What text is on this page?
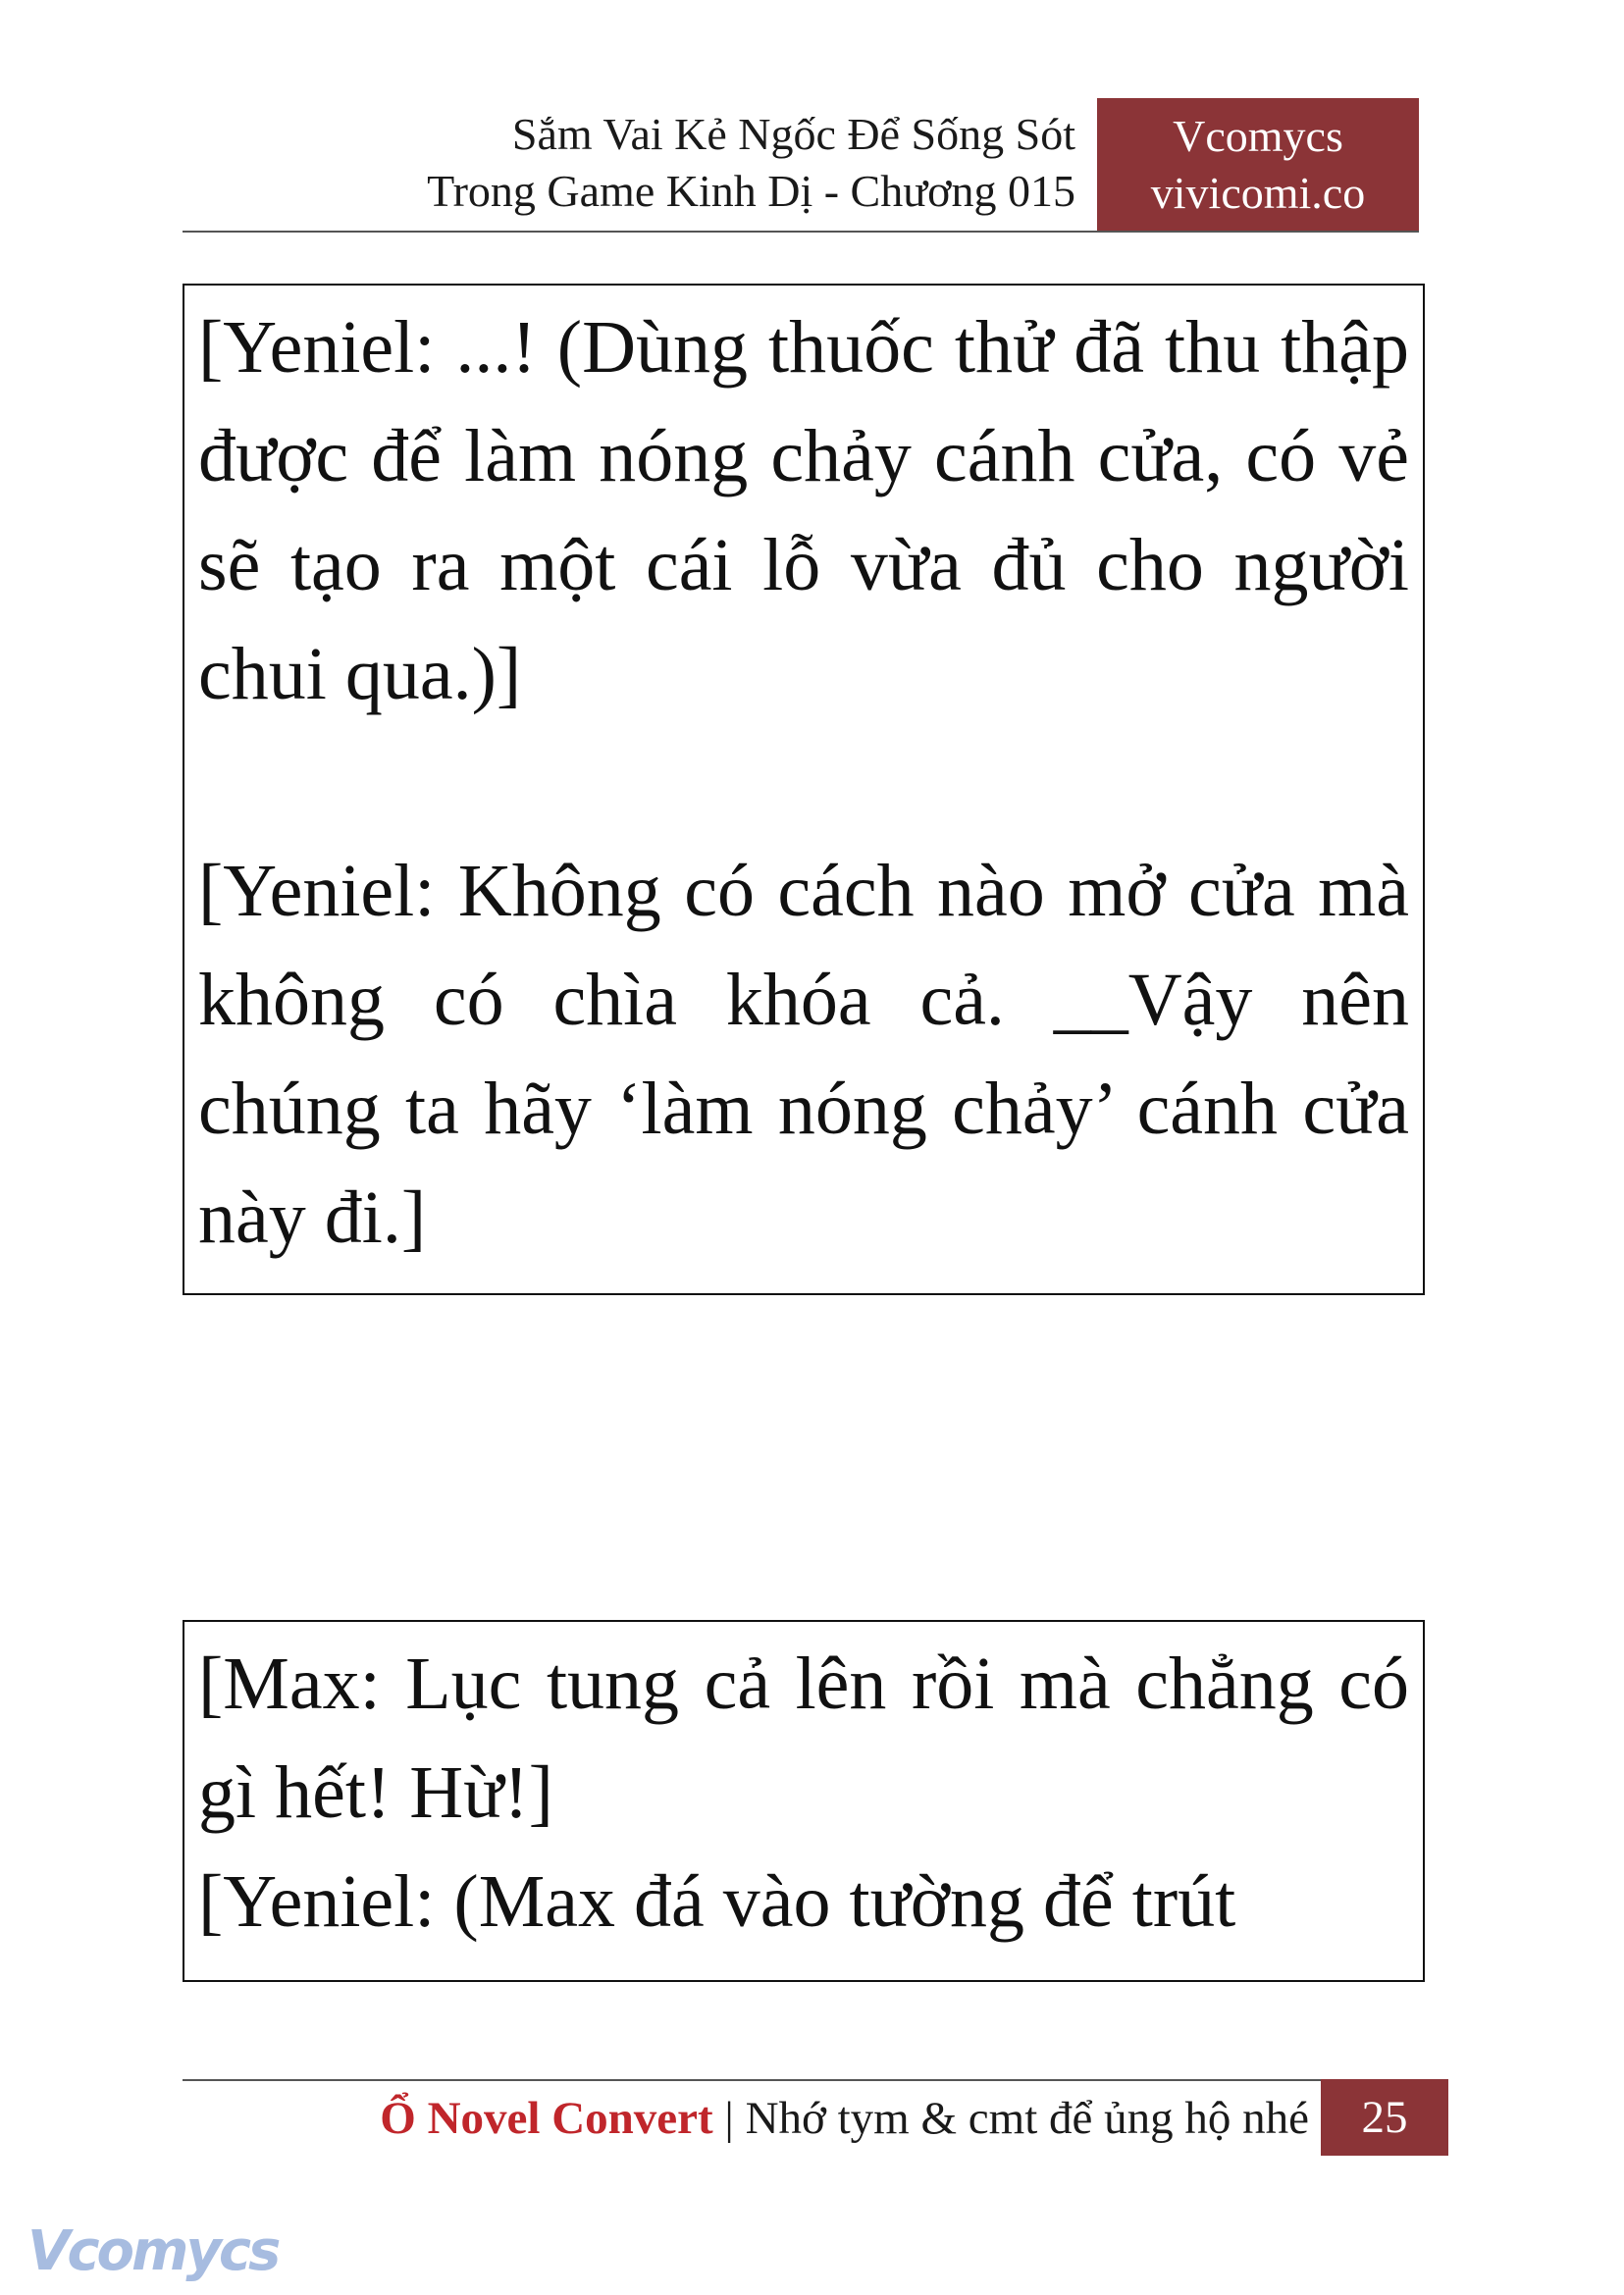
Sắm Vai Kẻ Ngốc Để Sống Sót
Trong Game Kinh Dị - Chương 015
Vcomycs
vivicomi.co

[Yeniel: ...! (Dùng thuốc thử đã thu thập được để làm nóng chảy cánh cửa, có vẻ sẽ tạo ra một cái lỗ vừa đủ cho người chui qua.)]

[Yeniel: Không có cách nào mở cửa mà không có chìa khóa cả. __Vậy nên chúng ta hãy ‘làm nóng chảy’ cánh cửa này đi.]

[Max: Lục tung cả lên rồi mà chẳng có gì hết! Hừ!]

[Yeniel: (Max đá vào tường để trút

Ổ Novel Convert | Nhớ tym & cmt để ủng hộ nhé	25
Vcomycs
